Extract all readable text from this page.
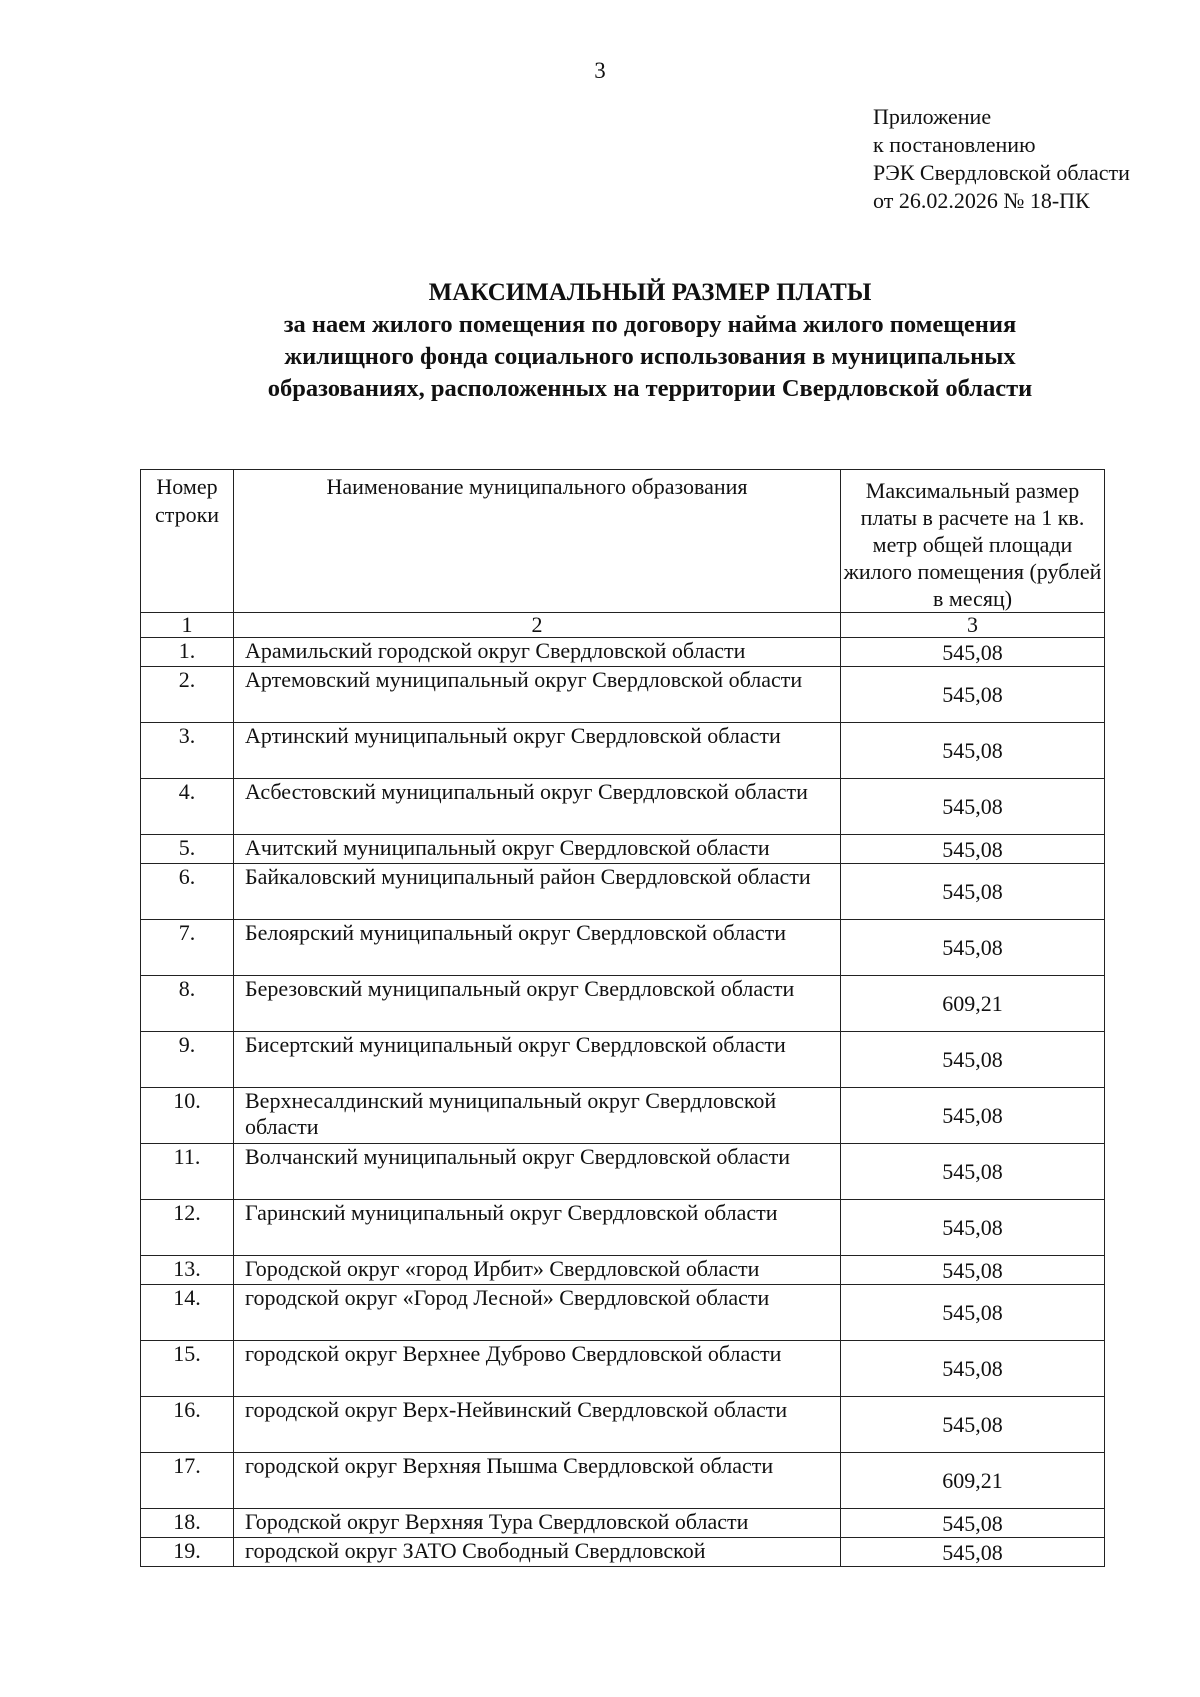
3
Приложение
к постановлению
РЭК Свердловской области
от 26.02.2026 № 18-ПК
МАКСИМАЛЬНЫЙ РАЗМЕР ПЛАТЫ
за наем жилого помещения по договору найма жилого помещения
жилищного фонда социального использования в муниципальных
образованиях, расположенных на территории Свердловской области
Номер строки	Наименование муниципального образования	Максимальный размер платы в расчете на 1 кв. метр общей площади жилого помещения (рублей в месяц)
1	2	3
1.	Арамильский городской округ Свердловской области	545,08
2.	Артемовский муниципальный округ Свердловской области	545,08
3.	Артинский муниципальный округ Свердловской области	545,08
4.	Асбестовский муниципальный округ Свердловской области	545,08
5.	Ачитский муниципальный округ Свердловской области	545,08
6.	Байкаловский муниципальный район Свердловской области	545,08
7.	Белоярский муниципальный округ Свердловской области	545,08
8.	Березовский муниципальный округ Свердловской области	609,21
9.	Бисертский муниципальный округ Свердловской области	545,08
10.	Верхнесалдинский муниципальный округ Свердловской области	545,08
11.	Волчанский муниципальный округ Свердловской области	545,08
12.	Гаринский муниципальный округ Свердловской области	545,08
13.	Городской округ «город Ирбит» Свердловской области	545,08
14.	городской округ «Город Лесной» Свердловской области	545,08
15.	городской округ Верхнее Дуброво Свердловской области	545,08
16.	городской округ Верх-Нейвинский Свердловской области	545,08
17.	городской округ Верхняя Пышма Свердловской области	609,21
18.	Городской округ Верхняя Тура Свердловской области	545,08
19.	городской округ ЗАТО Свободный Свердловской	545,08
